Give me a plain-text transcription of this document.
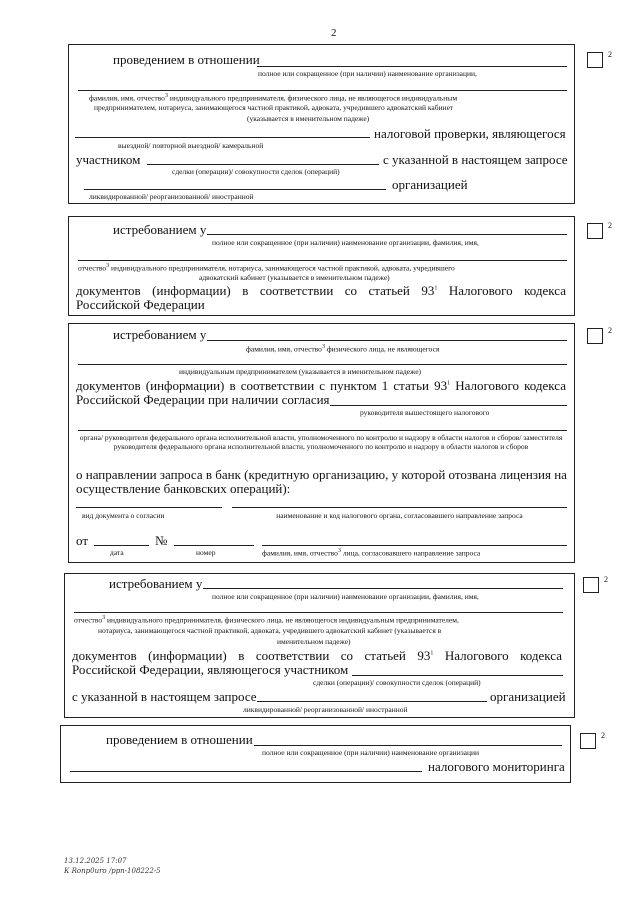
2
2
проведением в отношении
полное или сокращенное (при наличии) наименование организации,
фамилия, имя, отчество$^3$ индивидуального предпринимателя, физического лица, не являющегося индивидуальным
предпринимателем, нотариуса, занимающегося частной практикой, адвоката, учредившего адвокатский кабинет
(указывается в именительном падеже)
налоговой проверки, являющегося
выездной/ повторной выездной/ камеральной
участником	с указанной в настоящем запросе
сделки (операции)/ совокупности сделок (операций)
организацией
ликвидированной/ реорганизованной/ иностранной
2
истребованием у
полное или сокращенное (при наличии) наименование организации, фамилия, имя,
отчество$^3$ индивидуального предпринимателя, нотариуса, занимающегося частной практикой, адвоката, учредившего
адвокатский кабинет (указывается в именительном падеже)
документов (информации) в соответствии со статьей $93^1$ Налогового кодекса
Российской Федерации
2
истребованием у
фамилия, имя, отчество$^3$ физического лица, не являющегося
индивидуальным предпринимателем (указывается в именительном падеже)
документов (информации) в соответствии с пунктом 1 статьи $93^1$ Налогового кодекса
Российской Федерации при наличии согласия
руководителя вышестоящего налогового
органа/ руководителя федерального органа исполнительной власти, уполномоченного по контролю и надзору в области налогов и сборов/ заместителя руководителя федерального органа исполнительной власти, уполномоченного по контролю и надзору в области налогов и сборов
о направлении запроса в банк (кредитную организацию, у которой отозвана лицензия на
осуществление банковских операций):
вид документа о согласии	наименование и код налогового органа, согласовавшего направление запроса
от	№
дата	номер	фамилия, имя, отчество$^3$ лица, согласовавшего направление запроса
2
истребованием у
полное или сокращенное (при наличии) наименование организации, фамилия, имя,
отчество$^3$ индивидуального предпринимателя, физического лица, не являющегося индивидуальным предпринимателем,
нотариуса, занимающегося частной практикой, адвоката, учредившего адвокатский кабинет (указывается в
именительном падеже)
документов (информации) в соответствии со статьей $93^1$ Налогового кодекса
Российской Федерации, являющегося участником
сделки (операции)/ совокупности сделок (операций)
с указанной в настоящем запросе	организацией
ликвидированной/ реорганизованной/ иностранной
2
проведением в отношении
полное или сокращенное (при наличии) наименование организации
налогового мониторинга
13.12.2025 17:07
К Ronp0uro /ppn-108222-5
